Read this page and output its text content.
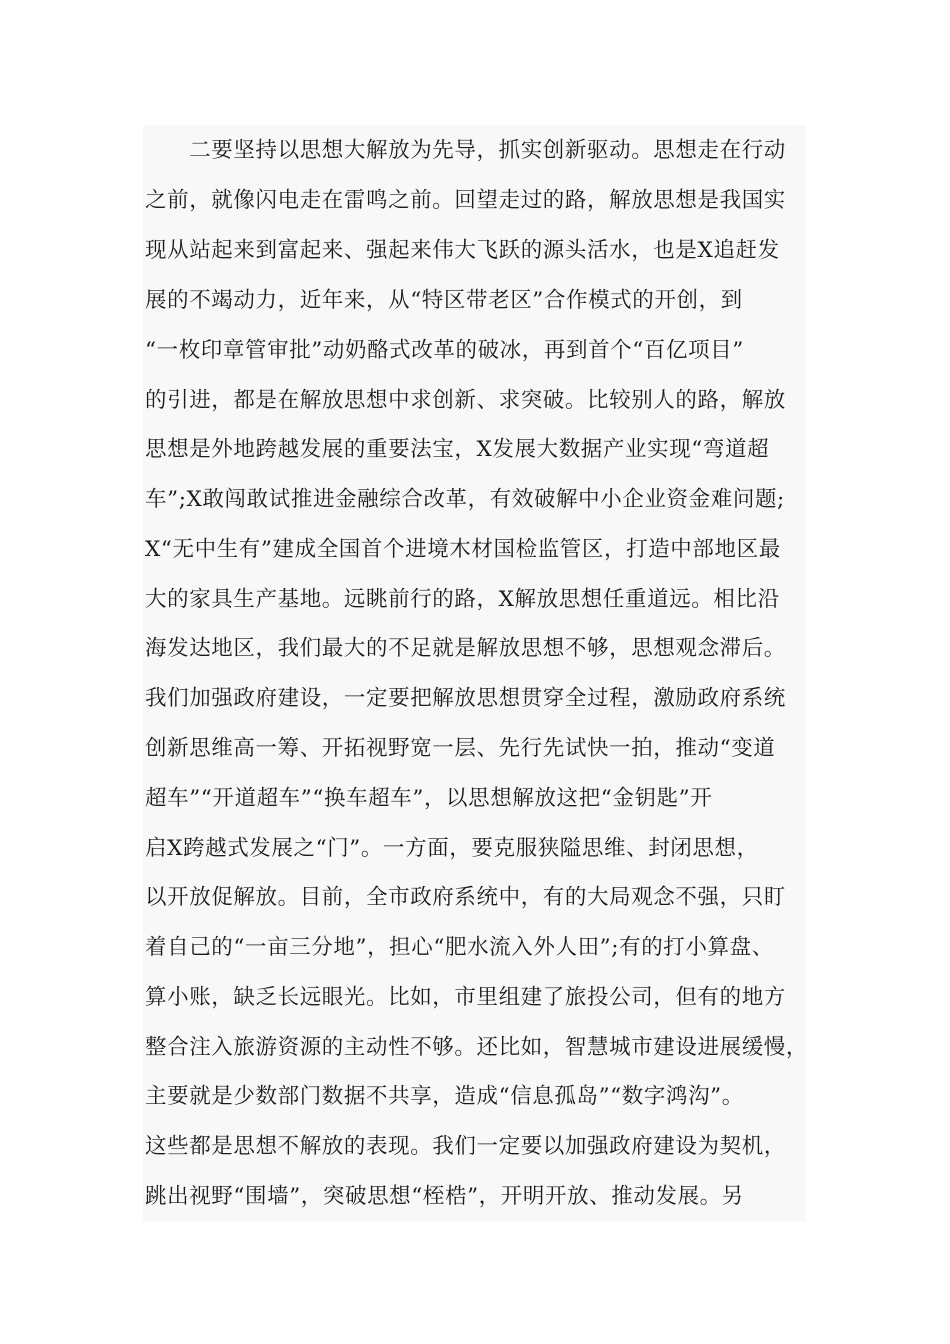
　　二要坚持以思想大解放为先导，抓实创新驱动。思想走在行动
之前，就像闪电走在雷鸣之前。回望走过的路，解放思想是我国实
现从站起来到富起来、强起来伟大飞跃的源头活水，也是X追赶发
展的不竭动力，近年来，从“特区带老区”合作模式的开创，到
“一枚印章管审批”动奶酪式改革的破冰，再到首个“百亿项目”
的引进，都是在解放思想中求创新、求突破。比较别人的路，解放
思想是外地跨越发展的重要法宝，X发展大数据产业实现“弯道超
车”;X敢闯敢试推进金融综合改革，有效破解中小企业资金难问题;
X“无中生有”建成全国首个进境木材国检监管区，打造中部地区最
大的家具生产基地。远眺前行的路，X解放思想任重道远。相比沿
海发达地区，我们最大的不足就是解放思想不够，思想观念滞后。
我们加强政府建设，一定要把解放思想贯穿全过程，激励政府系统
创新思维高一筹、开拓视野宽一层、先行先试快一拍，推动“变道
超车”“开道超车”“换车超车”，以思想解放这把“金钥匙”开
启X跨越式发展之“门”。一方面，要克服狭隘思维、封闭思想，
以开放促解放。目前，全市政府系统中，有的大局观念不强，只盯
着自己的“一亩三分地”，担心“肥水流入外人田”;有的打小算盘、
算小账，缺乏长远眼光。比如，市里组建了旅投公司，但有的地方
整合注入旅游资源的主动性不够。还比如，智慧城市建设进展缓慢，
主要就是少数部门数据不共享，造成“信息孤岛”“数字鸿沟”。
这些都是思想不解放的表现。我们一定要以加强政府建设为契机，
跳出视野“围墙”，突破思想“桎梏”，开明开放、推动发展。另
